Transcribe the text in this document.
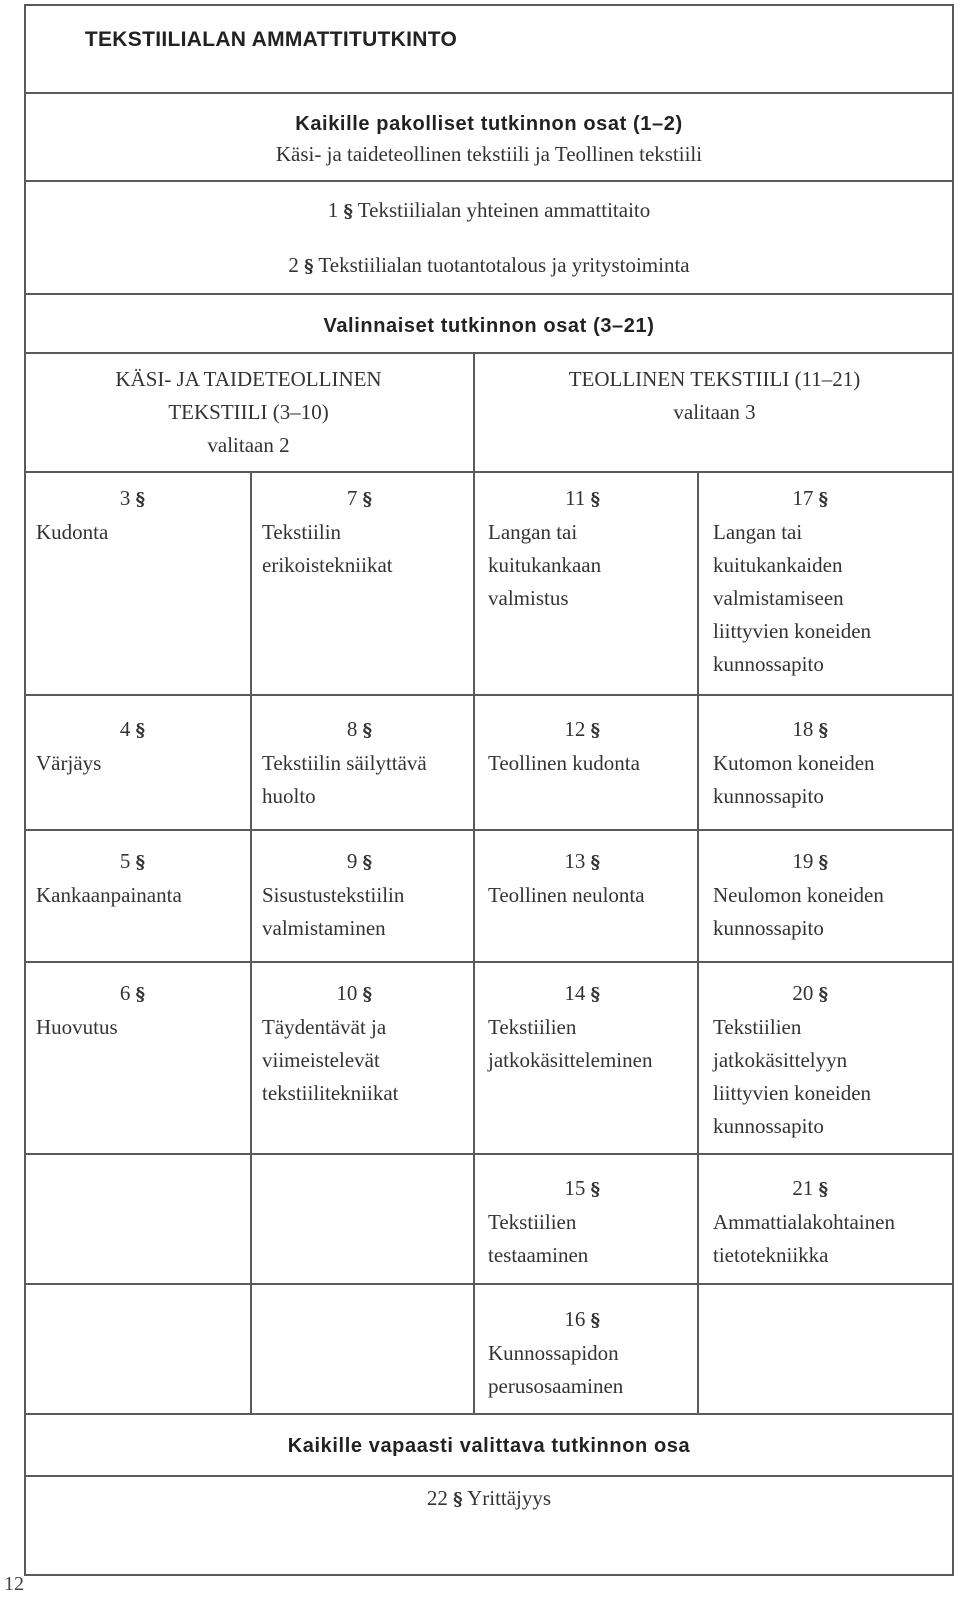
TEKSTIILIALAN AMMATTITUTKINTO
Kaikille pakolliset tutkinnon osat (1–2)
Käsi- ja taideteollinen tekstiili ja Teollinen tekstiili
1 § Tekstiilialan yhteinen ammattitaito
2 § Tekstiilialan tuotantotalous ja yritystoiminta
Valinnaiset tutkinnon osat (3–21)
KÄSI- JA TAIDETEOLLINEN
TEKSTIILI (3–10)
valitaan 2
TEOLLINEN TEKSTIILI (11–21)
valitaan 3
3 §
Kudonta
7 §
Tekstiilin
erikoistekniikat
11 §
Langan tai
kuitukankaan
valmistus
17 §
Langan tai
kuitukankaiden
valmistamiseen
liittyvien koneiden
kunnossapito
4 §
Värjäys
8 §
Tekstiilin säilyttävä
huolto
12 §
Teollinen kudonta
18 §
Kutomon koneiden
kunnossapito
5 §
Kankaanpainanta
9 §
Sisustustekstiilin
valmistaminen
13 §
Teollinen neulonta
19 §
Neulomon koneiden
kunnossapito
6 §
Huovutus
10 §
Täydentävät ja
viimeistelevät
tekstiilitekniikat
14 §
Tekstiilien
jatkokäsitteleminen
20 §
Tekstiilien
jatkokäsittelyyn
liittyvien koneiden
kunnossapito
15 §
Tekstiilien
testaaminen
21 §
Ammattialakohtainen
tietotekniikka
16 §
Kunnossapidon
perusosaaminen
Kaikille vapaasti valittava tutkinnon osa
22 § Yrittäjyys
12
